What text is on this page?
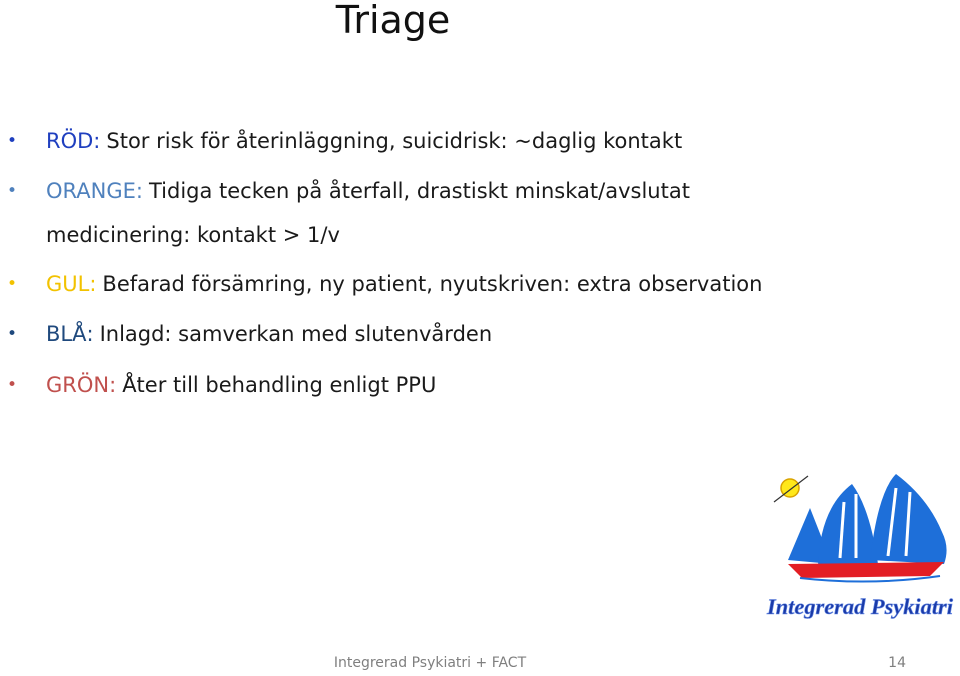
Triage
• RÖD: Stor risk för återinläggning, suicidrisk: ~daglig kontakt
• ORANGE: Tidiga tecken på återfall, drastiskt minskat/avslutat medicinering: kontakt > 1/v
• GUL: Befarad försämring, ny patient, nyutskriven: extra observation
• BLÅ: Inlagd: samverkan med slutenvården
• GRÖN: Åter till behandling enligt PPU
Integrerad Psykiatri
Integrerad Psykiatri + FACT	14
